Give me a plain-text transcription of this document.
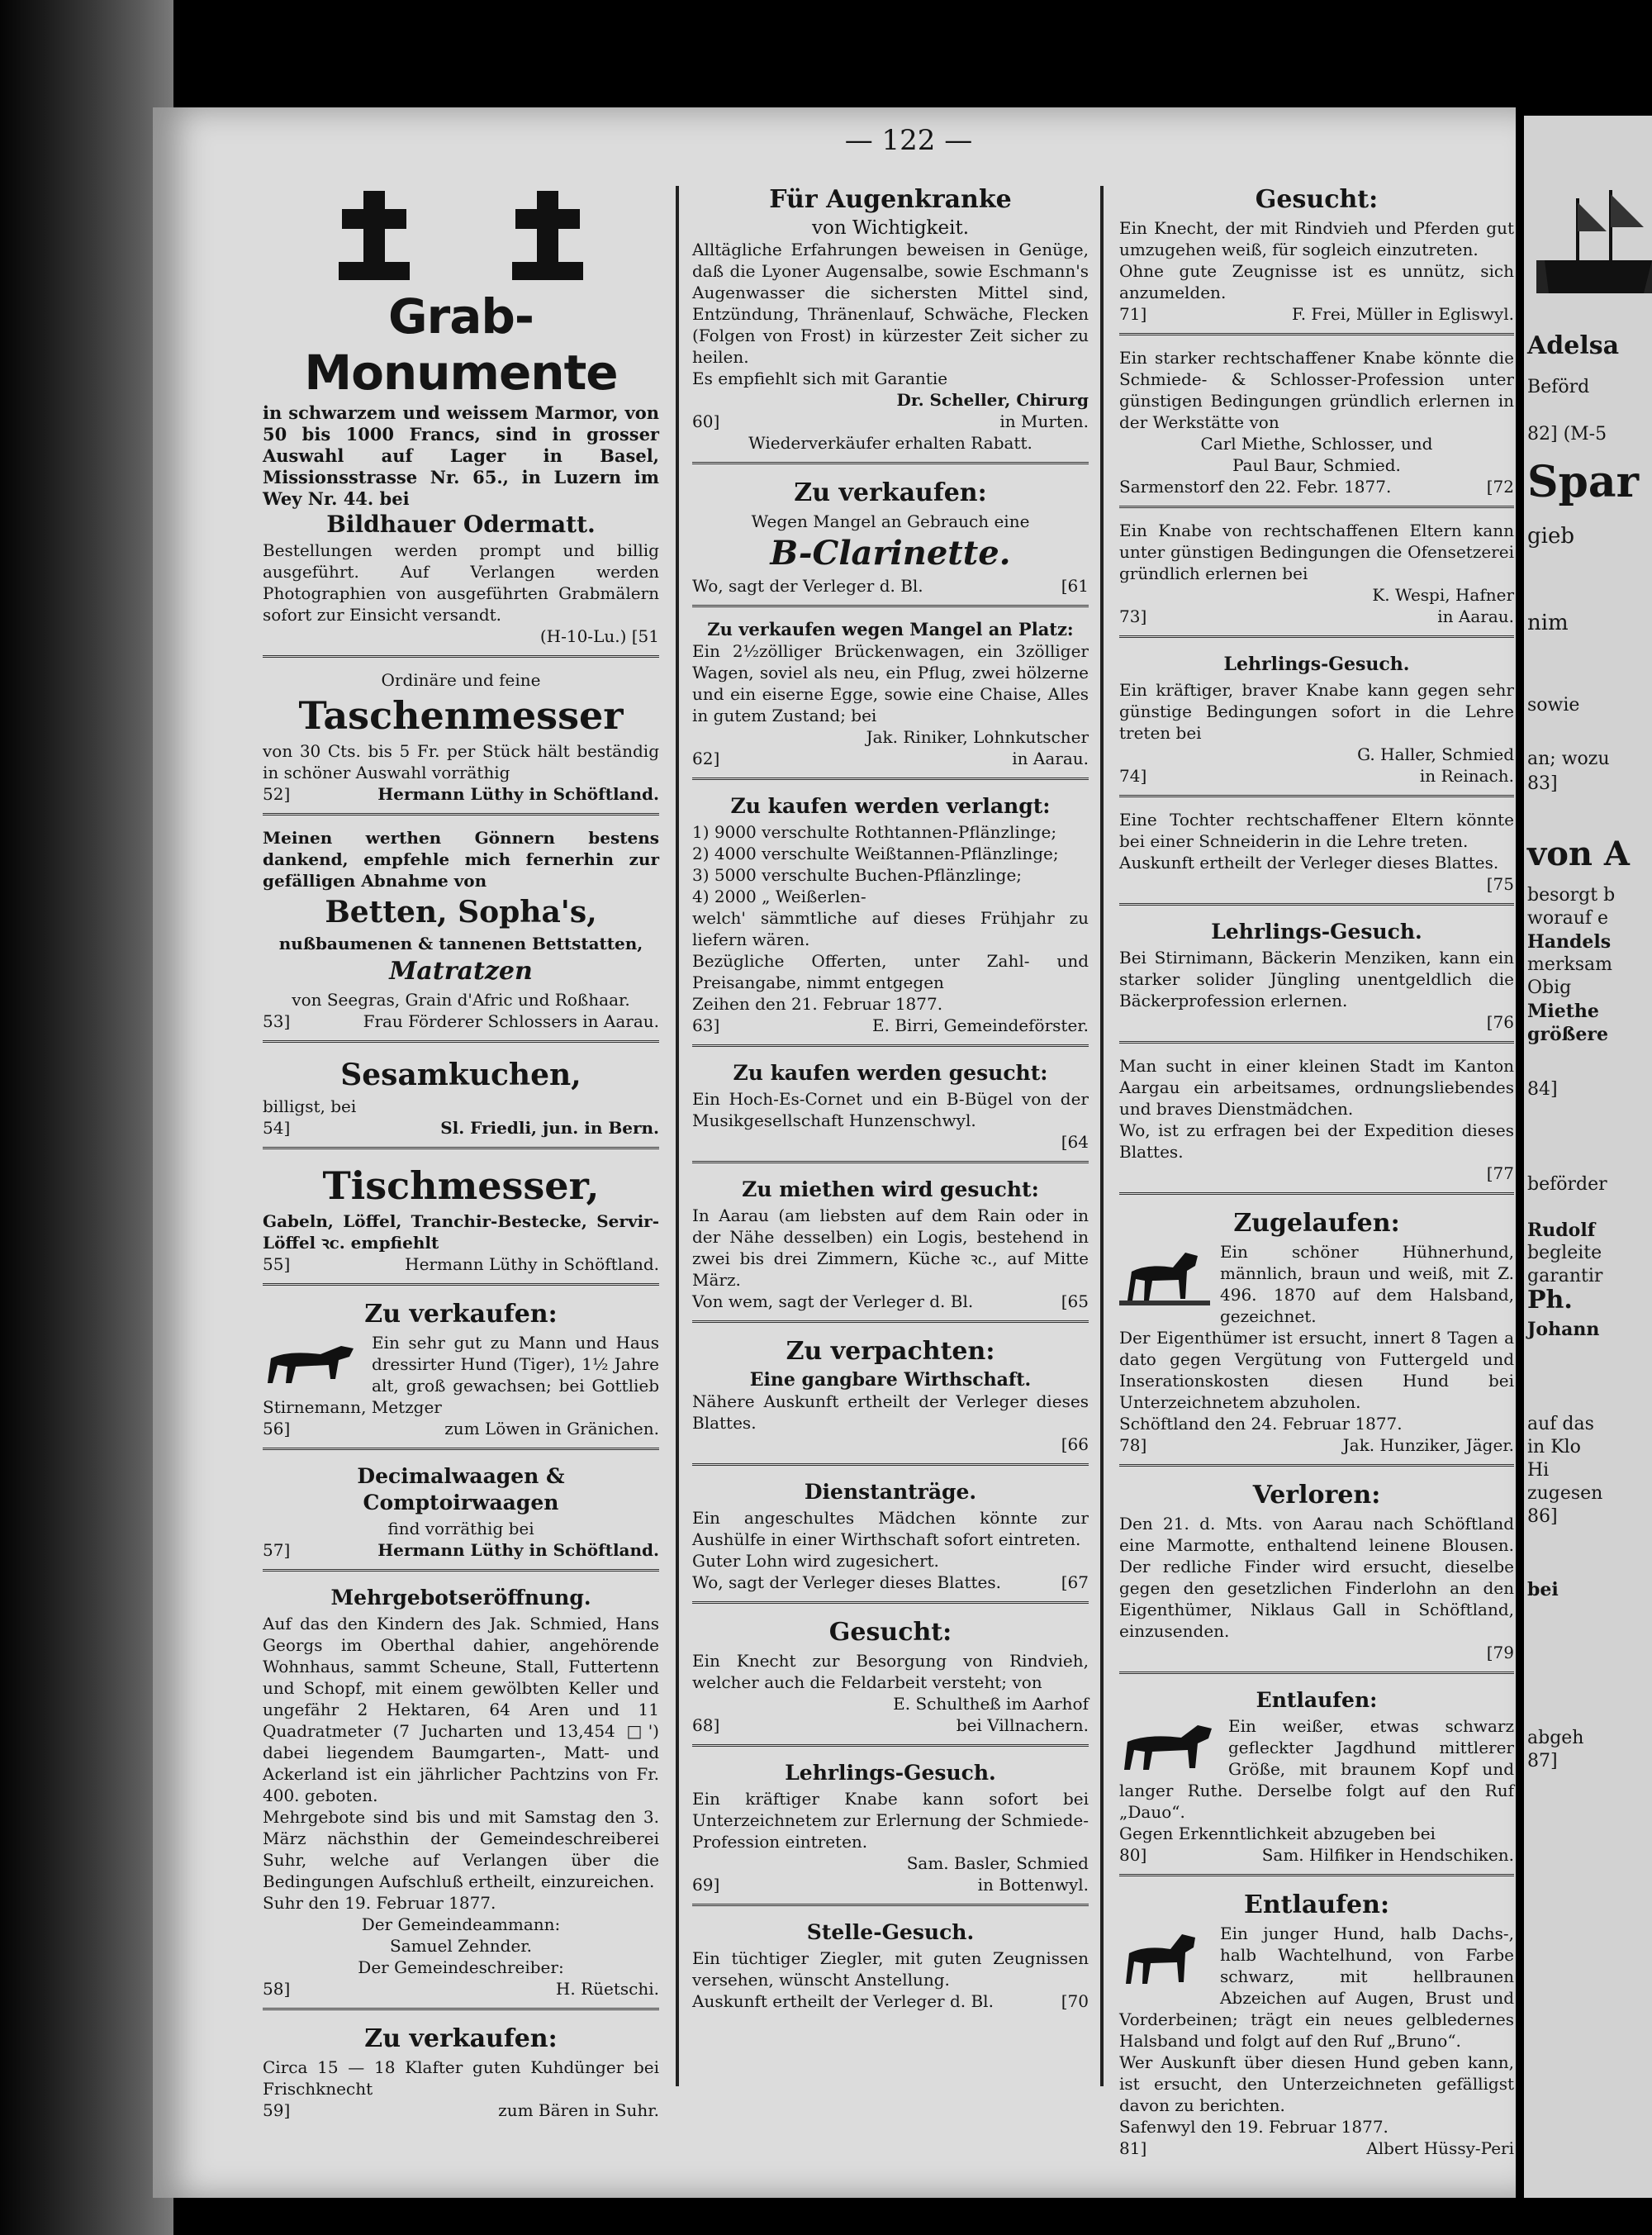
Adelsa
Beförd
82] (M-5
Spar
gieb
nim
sowie
an; wozu
83]
von A
besorgt b
worauf e
Handels
merksam
Obig
Miethe
größere
84]
beförder
Rudolf
begleite
garantir
Ph.
Johann
auf das
in Klo
Hi
zugesen
86]
bei
abgeh
87]
— 122 —
Grab-Monumente

in schwarzem und weissem Marmor, von 50 bis 1000 Francs, sind in grosser Auswahl auf Lager in Basel, Missionsstrasse Nr. 65., in Luzern im Wey Nr. 44. bei

Bildhauer Odermatt.

Bestellungen werden prompt und billig ausgeführt. Auf Verlangen werden Photographien von ausgeführten Grabmälern sofort zur Einsicht versandt.

(H-10-Lu.) [51

Ordinäre und feine

Taschenmesser

von 30 Cts. bis 5 Fr. per Stück hält beständig in schöner Auswahl vorräthig

52]	Hermann Lüthy in Schöftland.

Meinen werthen Gönnern bestens dankend, empfehle mich fernerhin zur gefälligen Abnahme von

Betten, Sopha's,

nußbaumenen & tannenen Bettstatten,

Matratzen

von Seegras, Grain d'Afric und Roßhaar.

53]	Frau Förderer Schlossers in Aarau.
Sesamkuchen,

billigst, bei

54]	Sl. Friedli, jun. in Bern.
Tischmesser,

Gabeln, Löffel, Tranchir-Bestecke, Servir-Löffel ꝛc. empfiehlt

55]	Hermann Lüthy in Schöftland.
Zu verkaufen:

Ein sehr gut zu Mann und Haus dressirter Hund (Tiger), 1½ Jahre alt, groß gewachsen; bei Gottlieb Stirnemann, Metzger

56]	zum Löwen in Gränichen.
Decimalwaagen & Comptoirwaagen

find vorräthig bei

57]	Hermann Lüthy in Schöftland.
Mehrgebotseröffnung.

Auf das den Kindern des Jak. Schmied, Hans Georgs im Oberthal dahier, angehörende Wohnhaus, sammt Scheune, Stall, Futtertenn und Schopf, mit einem gewölbten Keller und ungefähr 2 Hektaren, 64 Aren und 11 Quadratmeter (7 Jucharten und 13,454 □') dabei liegendem Baumgarten-, Matt- und Ackerland ist ein jährlicher Pachtzins von Fr. 400. geboten.

Mehrgebote sind bis und mit Samstag den 3. März nächsthin der Gemeindeschreiberei Suhr, welche auf Verlangen über die Bedingungen Aufschluß ertheilt, einzureichen.

Suhr den 19. Februar 1877.

Der Gemeindeammann:

Samuel Zehnder.

Der Gemeindeschreiber:

58]	H. Rüetschi.
Zu verkaufen:

Circa 15 — 18 Klafter guten Kuhdünger bei Frischknecht

59]	zum Bären in Suhr.
Für Augenkranke

von Wichtigkeit.

Alltägliche Erfahrungen beweisen in Genüge, daß die Lyoner Augensalbe, sowie Eschmann's Augenwasser die sichersten Mittel sind, Entzündung, Thränenlauf, Schwäche, Flecken (Folgen von Frost) in kürzester Zeit sicher zu heilen.

Es empfiehlt sich mit Garantie

Dr. Scheller, Chirurg

60]	in Murten.

Wiederverkäufer erhalten Rabatt.

Zu verkaufen:

Wegen Mangel an Gebrauch eine

B-Clarinette.
Wo, sagt der Verleger d. Bl.	[61

Zu verkaufen wegen Mangel an Platz:

Ein 2½zölliger Brückenwagen, ein 3zölliger Wagen, soviel als neu, ein Pflug, zwei hölzerne und ein eiserne Egge, sowie eine Chaise, Alles in gutem Zustand; bei

Jak. Riniker, Lohnkutscher

62]	in Aarau.
Zu kaufen werden verlangt:

1) 9000 verschulte Rothtannen-Pflänzlinge;

2) 4000 verschulte Weißtannen-Pflänzlinge;

3) 5000 verschulte Buchen-Pflänzlinge;

4) 2000 „ Weißerlen-

welch' sämmtliche auf dieses Frühjahr zu liefern wären.

Bezügliche Offerten, unter Zahl- und Preisangabe, nimmt entgegen

Zeihen den 21. Februar 1877.

63]	E. Birri, Gemeindeförster.
Zu kaufen werden gesucht:

Ein Hoch-Es-Cornet und ein B-Bügel von der Musikgesellschaft Hunzenschwyl.

[64

Zu miethen wird gesucht:

In Aarau (am liebsten auf dem Rain oder in der Nähe desselben) ein Logis, bestehend in zwei bis drei Zimmern, Küche ꝛc., auf Mitte März.

Von wem, sagt der Verleger d. Bl.	[65
Zu verpachten:

Eine gangbare Wirthschaft.

Nähere Auskunft ertheilt der Verleger dieses Blattes.

[66

Dienstanträge.

Ein angeschultes Mädchen könnte zur Aushülfe in einer Wirthschaft sofort eintreten.

Guter Lohn wird zugesichert.

Wo, sagt der Verleger dieses Blattes.	[67
Gesucht:

Ein Knecht zur Besorgung von Rindvieh, welcher auch die Feldarbeit versteht; von

E. Schultheß im Aarhof

68]	bei Villnachern.
Lehrlings-Gesuch.

Ein kräftiger Knabe kann sofort bei Unterzeichnetem zur Erlernung der Schmiede-Profession eintreten.

Sam. Basler, Schmied

69]	in Bottenwyl.
Stelle-Gesuch.

Ein tüchtiger Ziegler, mit guten Zeugnissen versehen, wünscht Anstellung.

Auskunft ertheilt der Verleger d. Bl.	[70
Gesucht:

Ein Knecht, der mit Rindvieh und Pferden gut umzugehen weiß, für sogleich einzutreten.

Ohne gute Zeugnisse ist es unnütz, sich anzumelden.

71]	F. Frei, Müller in Egliswyl.

Ein starker rechtschaffener Knabe könnte die Schmiede- & Schlosser-Profession unter günstigen Bedingungen gründlich erlernen in der Werkstätte von

Carl Miethe, Schlosser, und

Paul Baur, Schmied.

Sarmenstorf den 22. Febr. 1877.	[72

Ein Knabe von rechtschaffenen Eltern kann unter günstigen Bedingungen die Ofensetzerei gründlich erlernen bei

K. Wespi, Hafner

73]	in Aarau.
Lehrlings-Gesuch.

Ein kräftiger, braver Knabe kann gegen sehr günstige Bedingungen sofort in die Lehre treten bei

G. Haller, Schmied

74]	in Reinach.

Eine Tochter rechtschaffener Eltern könnte bei einer Schneiderin in die Lehre treten.

Auskunft ertheilt der Verleger dieses Blattes.

[75

Lehrlings-Gesuch.

Bei Stirnimann, Bäckerin Menziken, kann ein starker solider Jüngling unentgeldlich die Bäckerprofession erlernen.

[76

Man sucht in einer kleinen Stadt im Kanton Aargau ein arbeitsames, ordnungsliebendes und braves Dienstmädchen.

Wo, ist zu erfragen bei der Expedition dieses Blattes.

[77

Zugelaufen:

Ein schöner Hühnerhund, männlich, braun und weiß, mit Z. 496. 1870 auf dem Halsband, gezeichnet.

Der Eigenthümer ist ersucht, innert 8 Tagen a dato gegen Vergütung von Futtergeld und Inserationskosten diesen Hund bei Unterzeichnetem abzuholen.

Schöftland den 24. Februar 1877.

78]	Jak. Hunziker, Jäger.
Verloren:

Den 21. d. Mts. von Aarau nach Schöftland eine Marmotte, enthaltend leinene Blousen. Der redliche Finder wird ersucht, dieselbe gegen den gesetzlichen Finderlohn an den Eigenthümer, Niklaus Gall in Schöftland, einzusenden.

[79

Entlaufen:

Ein weißer, etwas schwarz gefleckter Jagdhund mittlerer Größe, mit braunem Kopf und langer Ruthe. Derselbe folgt auf den Ruf „Dauo“.

Gegen Erkenntlichkeit abzugeben bei

80]	Sam. Hilfiker in Hendschiken.
Entlaufen:

Ein junger Hund, halb Dachs-, halb Wachtelhund, von Farbe schwarz, mit hellbraunen Abzeichen auf Augen, Brust und Vorderbeinen; trägt ein neues gelbledernes Halsband und folgt auf den Ruf „Bruno“.

Wer Auskunft über diesen Hund geben kann, ist ersucht, den Unterzeichneten gefälligst davon zu berichten.

Safenwyl den 19. Februar 1877.

81]	Albert Hüssy-Peri
